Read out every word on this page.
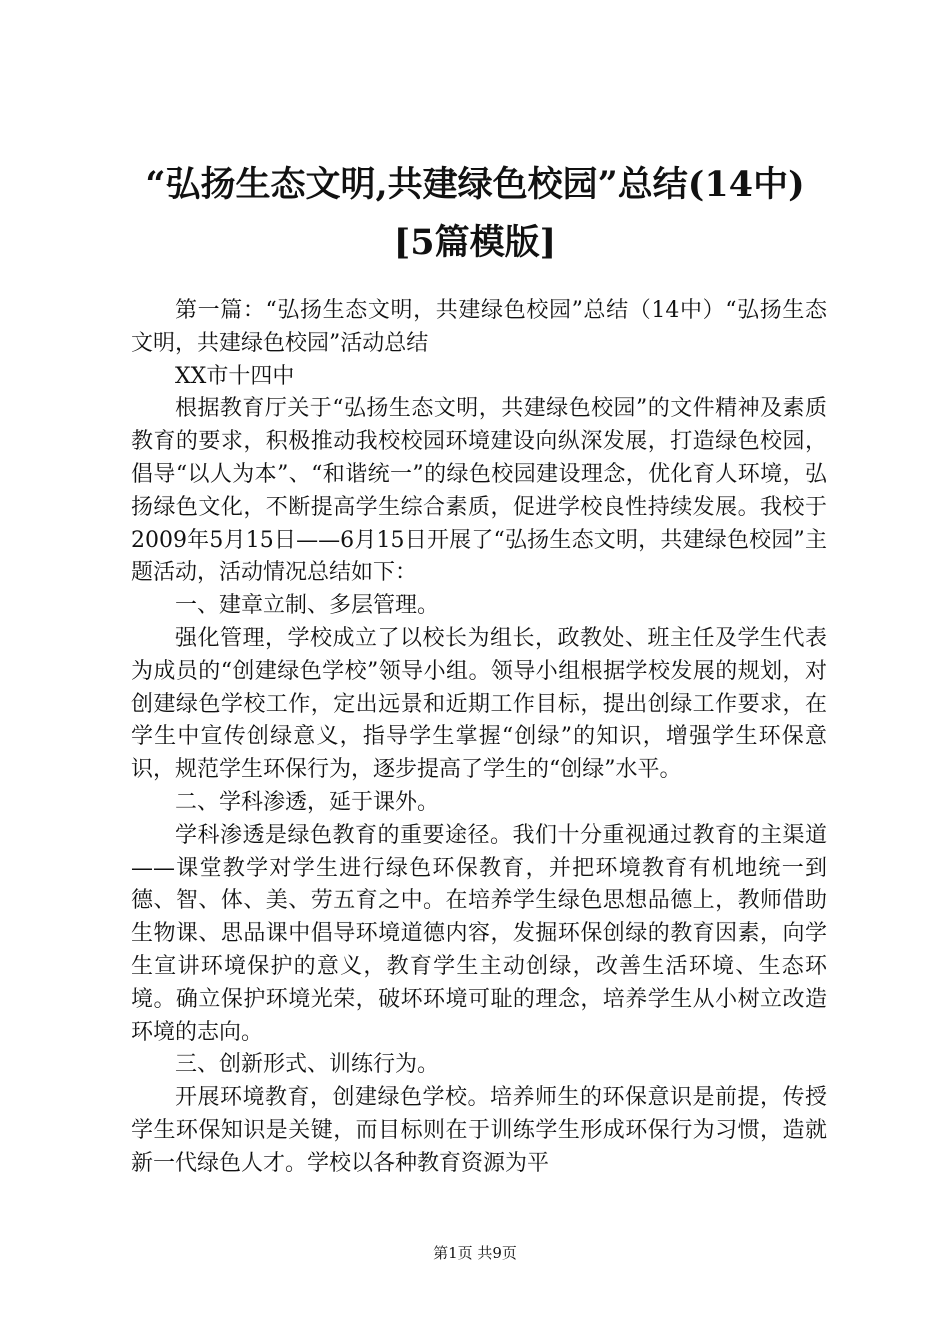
“弘扬生态文明,共建绿色校园”总结(14中)
[5篇模版]

第一篇：“弘扬生态文明，共建绿色校园”总结（14中）“弘扬生态文明，共建绿色校园”活动总结

XX市十四中

根据教育厅关于“弘扬生态文明，共建绿色校园”的文件精神及素质教育的要求，积极推动我校校园环境建设向纵深发展，打造绿色校园，倡导“以人为本”、“和谐统一”的绿色校园建设理念，优化育人环境，弘扬绿色文化，不断提高学生综合素质，促进学校良性持续发展。我校于2009年5月15日——6月15日开展了“弘扬生态文明，共建绿色校园”主题活动，活动情况总结如下：

一、建章立制、多层管理。

强化管理，学校成立了以校长为组长，政教处、班主任及学生代表为成员的“创建绿色学校”领导小组。领导小组根据学校发展的规划，对创建绿色学校工作，定出远景和近期工作目标，提出创绿工作要求，在学生中宣传创绿意义，指导学生掌握“创绿”的知识，增强学生环保意识，规范学生环保行为，逐步提高了学生的“创绿”水平。

二、学科渗透，延于课外。

学科渗透是绿色教育的重要途径。我们十分重视通过教育的主渠道——课堂教学对学生进行绿色环保教育，并把环境教育有机地统一到德、智、体、美、劳五育之中。在培养学生绿色思想品德上，教师借助生物课、思品课中倡导环境道德内容，发掘环保创绿的教育因素，向学生宣讲环境保护的意义，教育学生主动创绿，改善生活环境、生态环境。确立保护环境光荣，破坏环境可耻的理念，培养学生从小树立改造环境的志向。

三、创新形式、训练行为。

开展环境教育，创建绿色学校。培养师生的环保意识是前提，传授学生环保知识是关键，而目标则在于训练学生形成环保行为习惯，造就新一代绿色人才。学校以各种教育资源为平

第1页 共9页
